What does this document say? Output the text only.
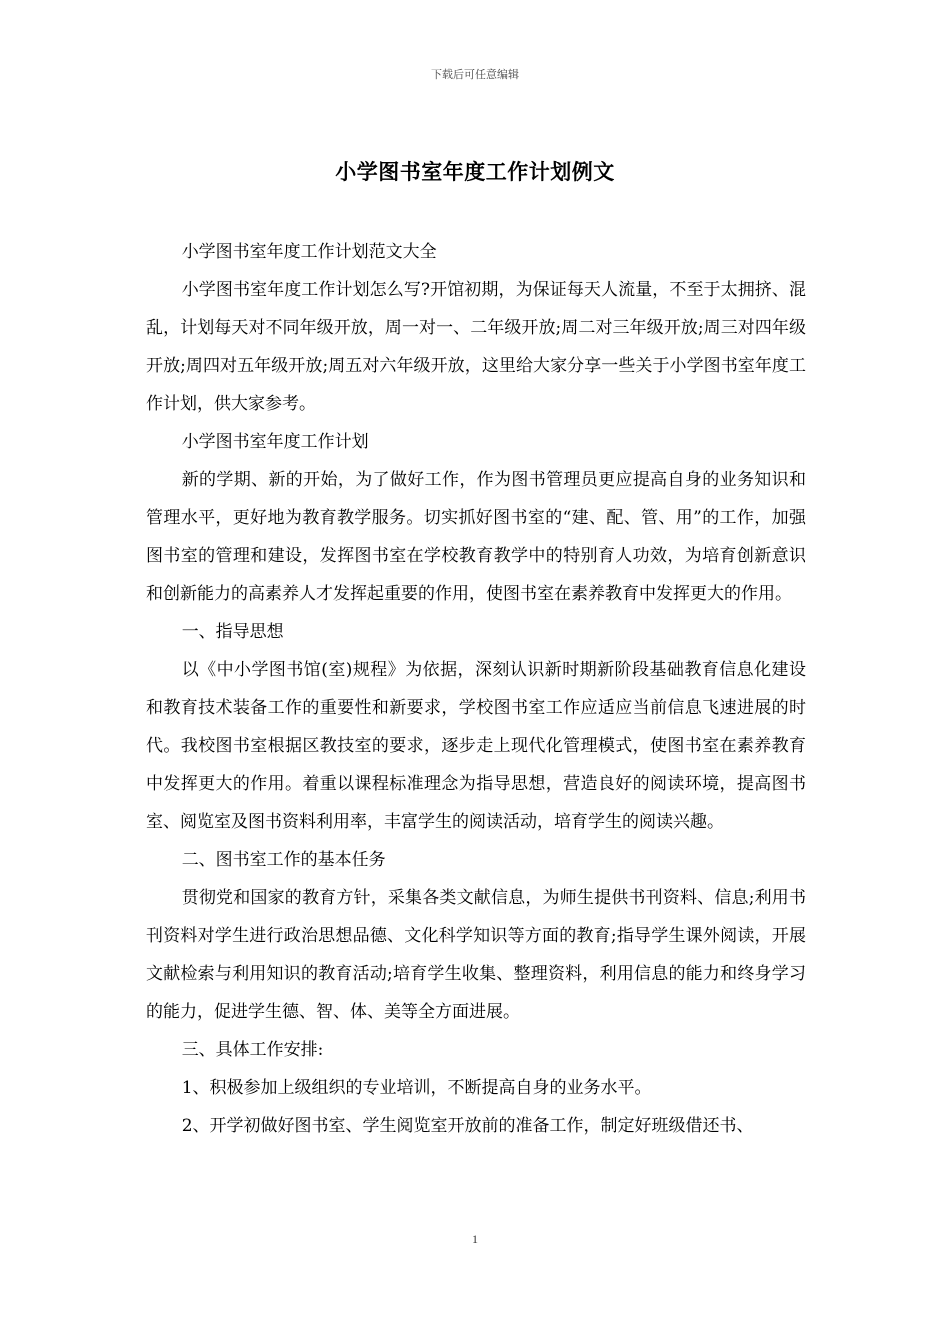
下载后可任意编辑
小学图书室年度工作计划例文

小学图书室年度工作计划范文大全

小学图书室年度工作计划怎么写?开馆初期，为保证每天人流量，不至于太拥挤、混乱，计划每天对不同年级开放，周一对一、二年级开放;周二对三年级开放;周三对四年级开放;周四对五年级开放;周五对六年级开放，这里给大家分享一些关于小学图书室年度工作计划，供大家参考。

小学图书室年度工作计划

新的学期、新的开始，为了做好工作，作为图书管理员更应提高自身的业务知识和管理水平，更好地为教育教学服务。切实抓好图书室的“建、配、管、用”的工作，加强图书室的管理和建设，发挥图书室在学校教育教学中的特别育人功效，为培育创新意识和创新能力的高素养人才发挥起重要的作用，使图书室在素养教育中发挥更大的作用。

一、指导思想

以《中小学图书馆(室)规程》为依据，深刻认识新时期新阶段基础教育信息化建设和教育技术装备工作的重要性和新要求，学校图书室工作应适应当前信息飞速进展的时代。我校图书室根据区教技室的要求，逐步走上现代化管理模式，使图书室在素养教育中发挥更大的作用。着重以课程标准理念为指导思想，营造良好的阅读环境，提高图书室、阅览室及图书资料利用率，丰富学生的阅读活动，培育学生的阅读兴趣。

二、图书室工作的基本任务

贯彻党和国家的教育方针，采集各类文献信息，为师生提供书刊资料、信息;利用书刊资料对学生进行政治思想品德、文化科学知识等方面的教育;指导学生课外阅读，开展文献检索与利用知识的教育活动;培育学生收集、整理资料，利用信息的能力和终身学习的能力，促进学生德、智、体、美等全方面进展。

三、具体工作安排:

1、积极参加上级组织的专业培训，不断提高自身的业务水平。

2、开学初做好图书室、学生阅览室开放前的准备工作，制定好班级借还书、

1
